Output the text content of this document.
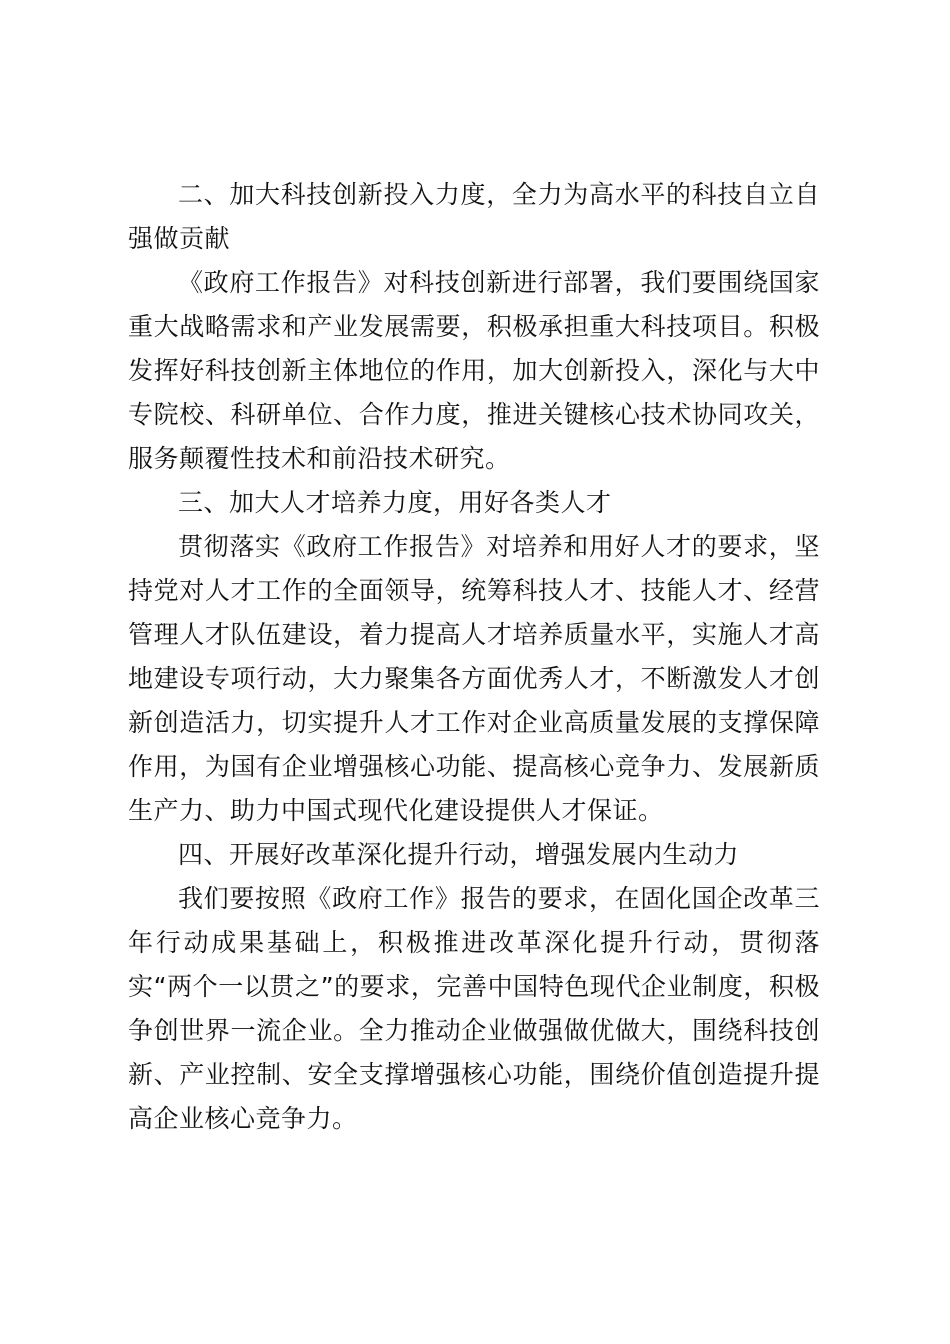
二、加大科技创新投入力度，全力为高水平的科技自立自强做贡献

《政府工作报告》对科技创新进行部署，我们要围绕国家重大战略需求和产业发展需要，积极承担重大科技项目。积极发挥好科技创新主体地位的作用，加大创新投入，深化与大中专院校、科研单位、合作力度，推进关键核心技术协同攻关，服务颠覆性技术和前沿技术研究。

三、加大人才培养力度，用好各类人才

贯彻落实《政府工作报告》对培养和用好人才的要求，坚持党对人才工作的全面领导，统筹科技人才、技能人才、经营管理人才队伍建设，着力提高人才培养质量水平，实施人才高地建设专项行动，大力聚集各方面优秀人才，不断激发人才创新创造活力，切实提升人才工作对企业高质量发展的支撑保障作用，为国有企业增强核心功能、提高核心竞争力、发展新质生产力、助力中国式现代化建设提供人才保证。

四、开展好改革深化提升行动，增强发展内生动力

我们要按照《政府工作》报告的要求，在固化国企改革三年行动成果基础上，积极推进改革深化提升行动，贯彻落实“两个一以贯之”的要求，完善中国特色现代企业制度，积极争创世界一流企业。全力推动企业做强做优做大，围绕科技创新、产业控制、安全支撑增强核心功能，围绕价值创造提升提高企业核心竞争力。
